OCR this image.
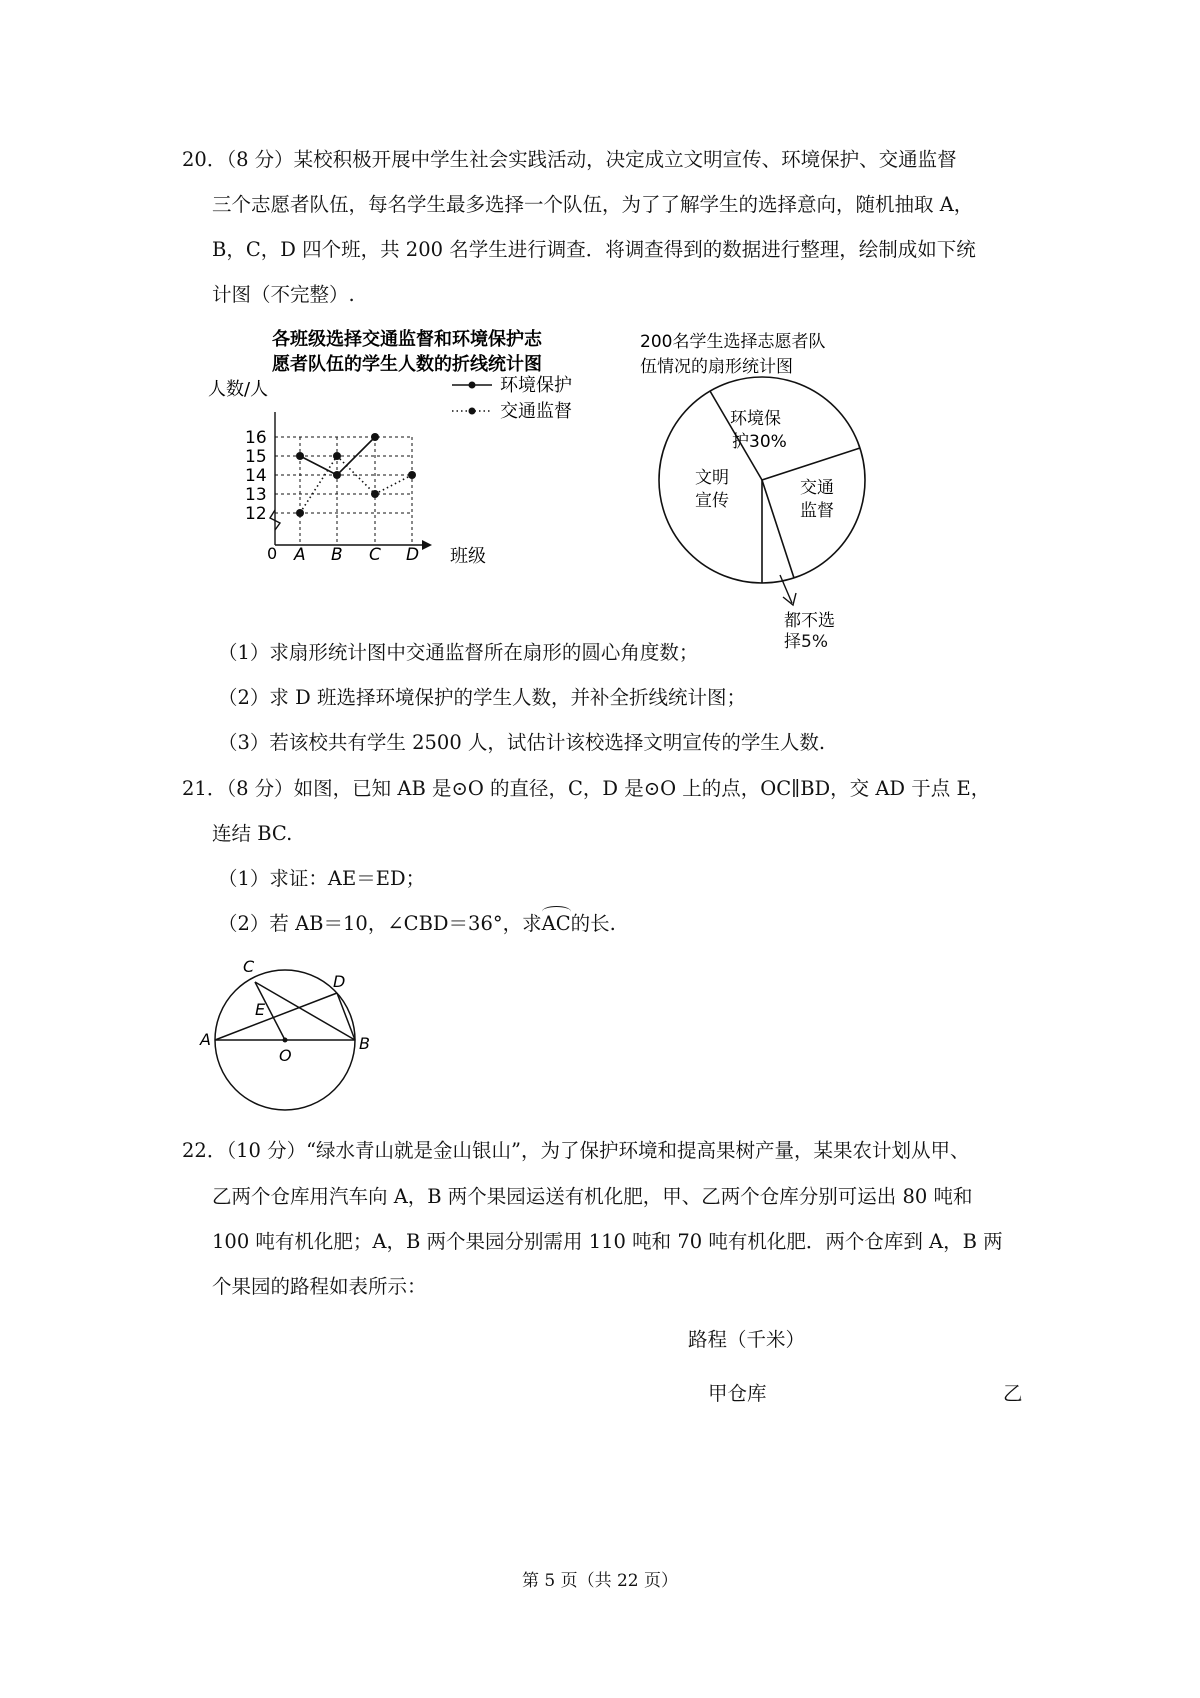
20．（8 分）某校积极开展中学生社会实践活动，决定成立文明宣传、环境保护、交通监督
三个志愿者队伍，每名学生最多选择一个队伍，为了了解学生的选择意向，随机抽取 A，
B，C，D 四个班，共 200 名学生进行调查．将调查得到的数据进行整理，绘制成如下统
计图（不完整）.
各班级选择交通监督和环境保护志
愿者队伍的学生人数的折线统计图
人数/人	环境保护
交通监督
12
13
14
15
16
A B C D
0	班级
200名学生选择志愿者队
伍情况的扇形统计图
环境保
护30%
交通
监督
都不选
文明
宣传
择5%
（1）求扇形统计图中交通监督所在扇形的圆心角度数；
（2）求 D 班选择环境保护的学生人数，并补全折线统计图；
（3）若该校共有学生 2500 人，试估计该校选择文明宣传的学生人数.
21．（8 分）如图，已知 AB 是⊙O 的直径，C，D 是⊙O 上的点，OC∥BD，交 AD 于点 E，
连结 BC.
（1）求证：AE＝ED；
（2）若 AB＝10，∠CBD＝36°，求
AC的长.
C
D
E
A
O
B
22．（10 分）“绿水青山就是金山银山”，为了保护环境和提高果树产量，某果农计划从甲、
乙两个仓库用汽车向 A，B 两个果园运送有机化肥，甲、乙两个仓库分别可运出 80 吨和
100 吨有机化肥；A，B 两个果园分别需用 110 吨和 70 吨有机化肥．两个仓库到 A，B 两
个果园的路程如表所示：
路程（千米）
甲仓库	乙
第 5 页（共 22 页）
